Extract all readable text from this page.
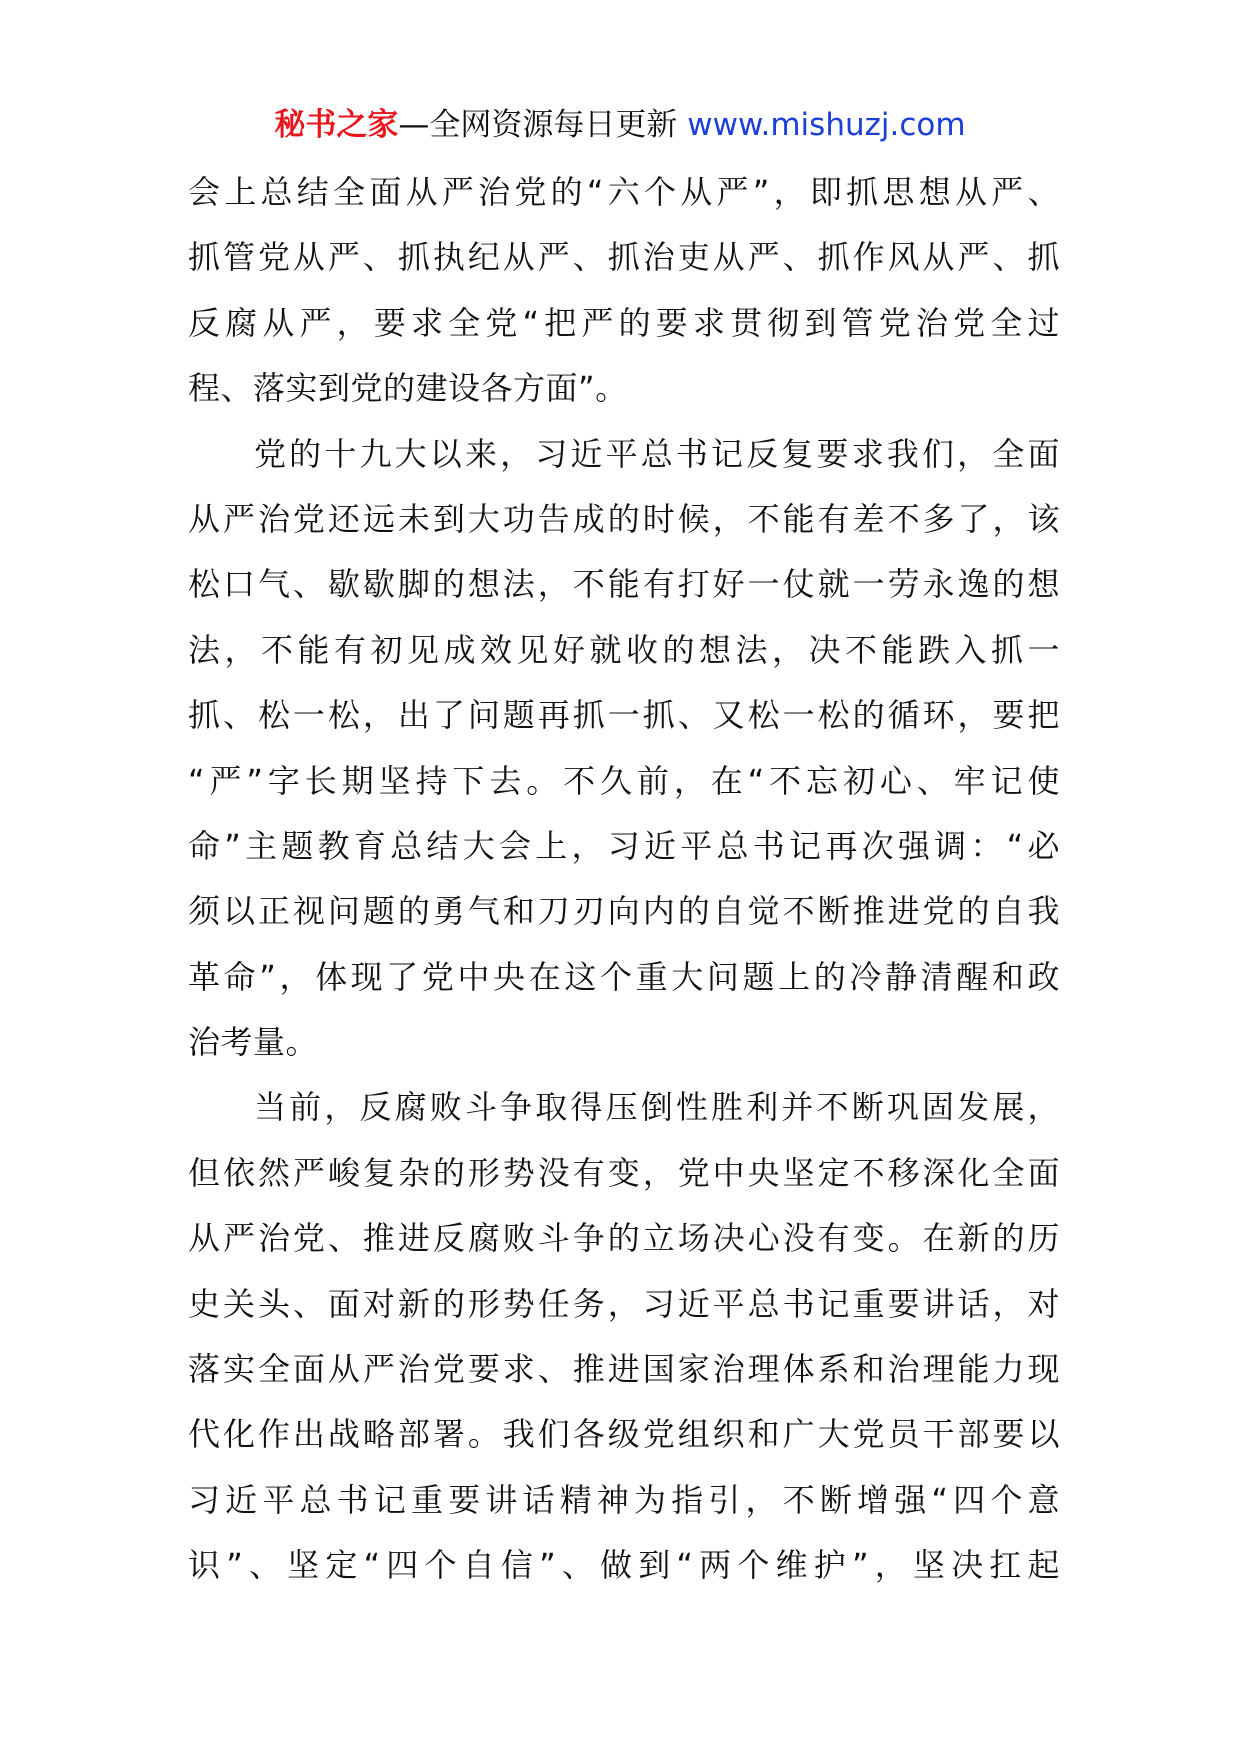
秘书之家—全网资源每日更新 www.mishuzj.com
会上总结全面从严治党的“六个从严”，即抓思想从严、
抓管党从严、抓执纪从严、抓治吏从严、抓作风从严、抓
反腐从严，要求全党“把严的要求贯彻到管党治党全过
程、落实到党的建设各方面”。
党的十九大以来，习近平总书记反复要求我们，全面
从严治党还远未到大功告成的时候，不能有差不多了，该
松口气、歇歇脚的想法，不能有打好一仗就一劳永逸的想
法，不能有初见成效见好就收的想法，决不能跌入抓一
抓、松一松，出了问题再抓一抓、又松一松的循环，要把
“严”字长期坚持下去。不久前，在“不忘初心、牢记使
命”主题教育总结大会上，习近平总书记再次强调：“必
须以正视问题的勇气和刀刃向内的自觉不断推进党的自我
革命”，体现了党中央在这个重大问题上的冷静清醒和政
治考量。
当前，反腐败斗争取得压倒性胜利并不断巩固发展，
但依然严峻复杂的形势没有变，党中央坚定不移深化全面
从严治党、推进反腐败斗争的立场决心没有变。在新的历
史关头、面对新的形势任务，习近平总书记重要讲话，对
落实全面从严治党要求、推进国家治理体系和治理能力现
代化作出战略部署。我们各级党组织和广大党员干部要以
习近平总书记重要讲话精神为指引，不断增强“四个意
识”、坚定“四个自信”、做到“两个维护”，坚决扛起
